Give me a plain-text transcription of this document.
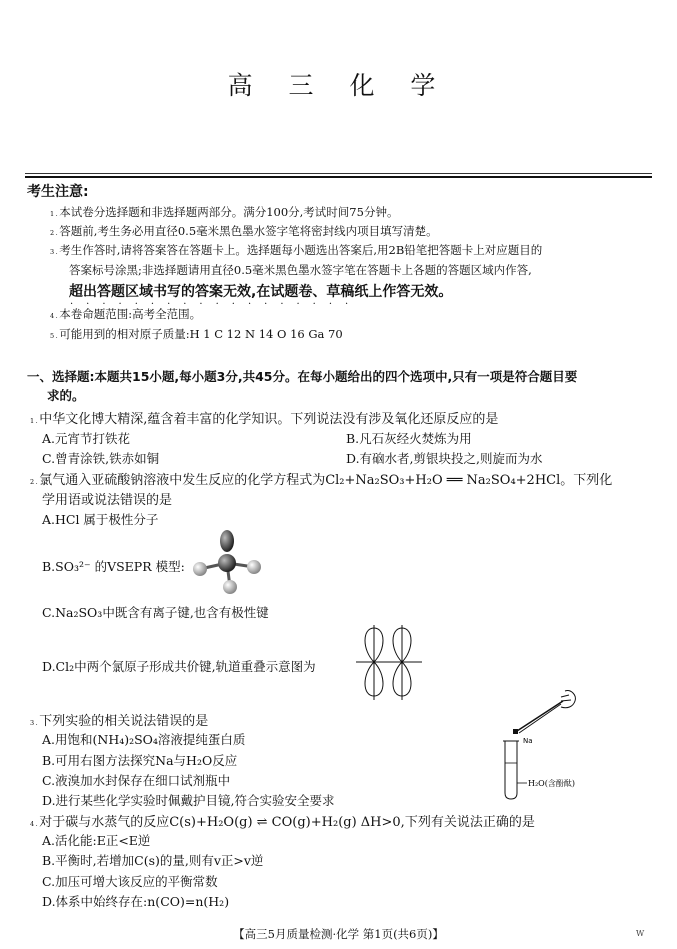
高 三 化 学
考生注意:
1.本试卷分选择题和非选择题两部分。满分100分,考试时间75分钟。
2.答题前,考生务必用直径0.5毫米黑色墨水签字笔将密封线内项目填写清楚。
3.考生作答时,请将答案答在答题卡上。选择题每小题选出答案后,用2B铅笔把答题卡上对应题目的
答案标号涂黑;非选择题请用直径0.5毫米黑色墨水签字笔在答题卡上各题的答题区域内作答,
超出答题区域书写的答案无效,在试题卷、草稿纸上作答无效。
··················
4.本卷命题范围:高考全范围。
5.可能用到的相对原子质量:H 1 C 12 N 14 O 16 Ga 70
一、选择题:本题共15小题,每小题3分,共45分。在每小题给出的四个选项中,只有一项是符合题目要
求的。
1.中华文化博大精深,蕴含着丰富的化学知识。下列说法没有涉及氧化还原反应的是
A.元宵节打铁花	B.凡石灰经火焚炼为用
C.曾青涂铁,铁赤如铜	D.有硇水者,剪银块投之,则旋而为水
2.氯气通入亚硫酸钠溶液中发生反应的化学方程式为Cl₂+Na₂SO₃+H₂O ══ Na₂SO₄+2HCl。下列化
学用语或说法错误的是
A.HCl 属于极性分子
B.SO₃²⁻ 的VSEPR 模型:
C.Na₂SO₃中既含有离子键,也含有极性键
D.Cl₂中两个氯原子形成共价键,轨道重叠示意图为
3.下列实验的相关说法错误的是
A.用饱和(NH₄)₂SO₄溶液提纯蛋白质
B.可用右图方法探究Na与H₂O反应
C.液溴加水封保存在细口试剂瓶中
D.进行某些化学实验时佩戴护目镜,符合实验安全要求
Na
H₂O(含酚酞)
4.对于碳与水蒸气的反应C(s)+H₂O(g) ⇌ CO(g)+H₂(g) ΔH>0,下列有关说法正确的是
A.活化能:E正<E逆
B.平衡时,若增加C(s)的量,则有v正>v逆
C.加压可增大该反应的平衡常数
D.体系中始终存在:n(CO)=n(H₂)
【高三5月质量检测·化学 第1页(共6页)】	W
